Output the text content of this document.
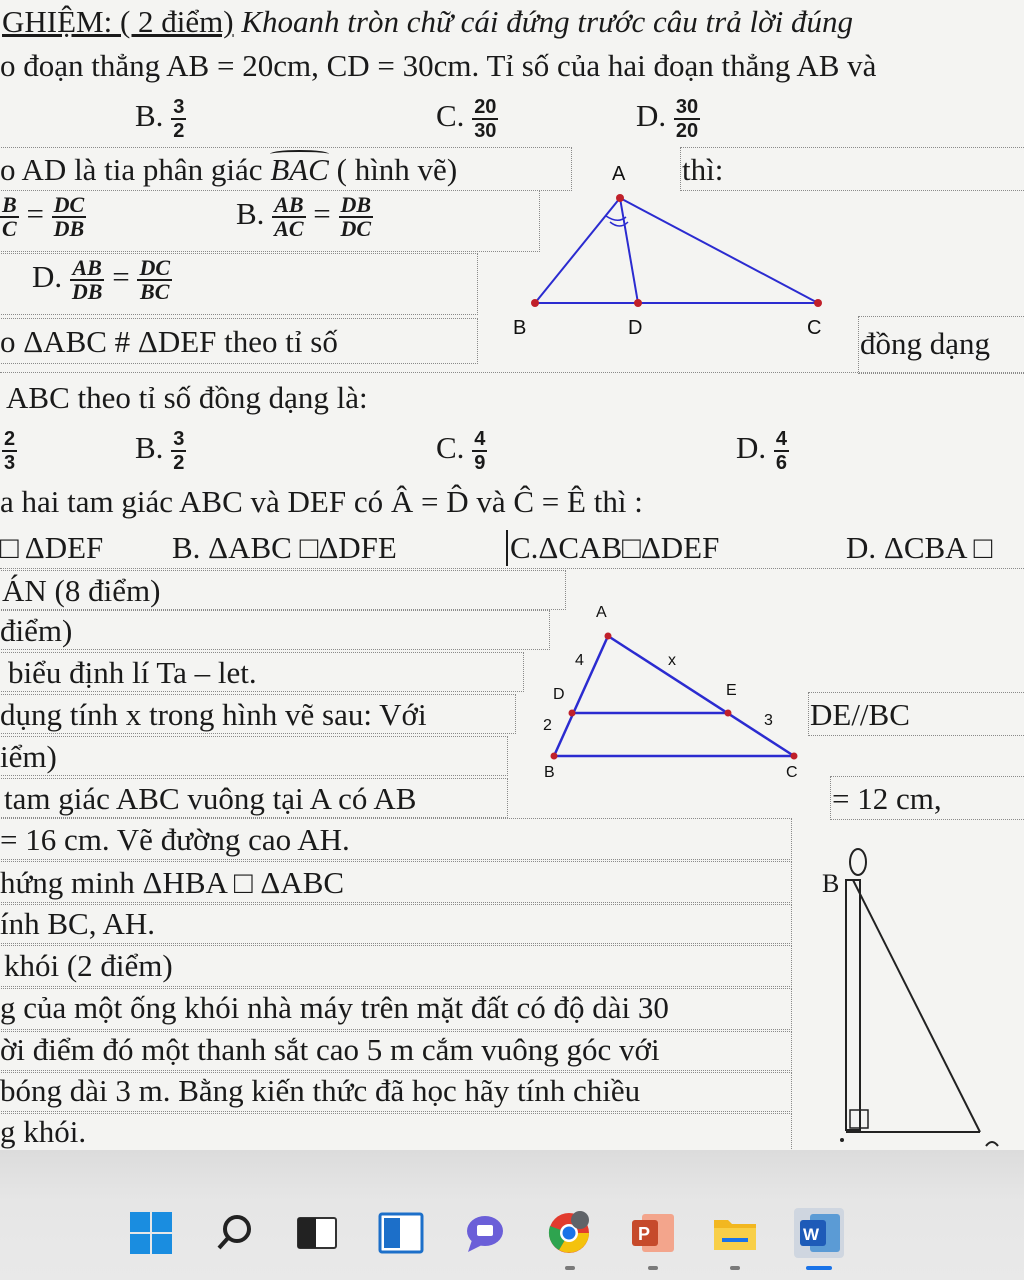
GHIỆM: ( 2 điểm) Khoanh tròn chữ cái đứng trước câu trả lời đúng
o đoạn thẳng AB = 20cm, CD = 30cm. Tỉ số của hai đoạn thẳng AB và
B. $\frac{3}{2}$	C. $\frac{20}{30}$	D. $\frac{30}{20}$
o AD là tia phân giác BAC ( hình vẽ)	thì:
$\frac{B}{C} = \frac{DC}{DB}$	B. $\frac{AB}{AC} = \frac{DB}{DC}$
D. $\frac{AB}{DB} = \frac{DC}{BC}$
A
B	D	C
o ΔABC # ΔDEF theo tỉ số	đồng dạng
ABC theo tỉ số đồng dạng là:
$\frac{2}{3}$	B. $\frac{3}{2}$	C. $\frac{4}{9}$	D. $\frac{4}{6}$
a hai tam giác ABC và DEF có Â = D̂ và Ĉ = Ê thì :
□ ΔDEF B. ΔABC □ΔDFE	C.ΔCAB□ΔDEF	D. ΔCBA □
ÁN (8 điểm)
điểm)
biểu định lí Ta – let.
dụng tính x trong hình vẽ sau: Với	DE//BC
iểm)
A
4	x
D	E
2	3
B	C
tam giác ABC vuông tại A có AB	= 12 cm,
= 16 cm. Vẽ đường cao AH.
hứng minh ΔHBA □ ΔABC
ính BC, AH.
khói (2 điểm)
g của một ống khói nhà máy trên mặt đất có độ dài 30
ời điểm đó một thanh sắt cao 5 m cắm vuông góc với
bóng dài 3 m. Bằng kiến thức đã học hãy tính chiều
g khói.
B
P	W
